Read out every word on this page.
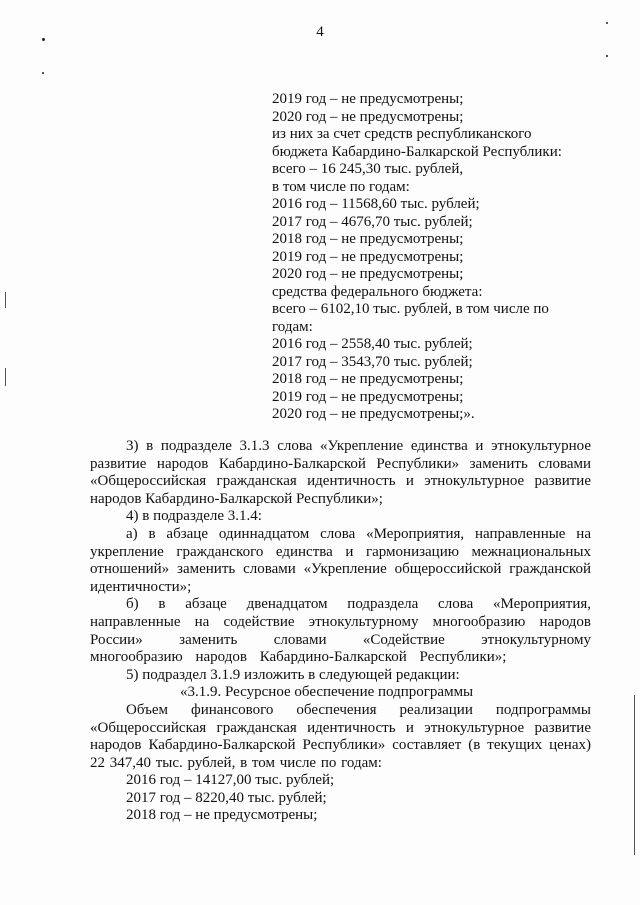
4
2019 год – не предусмотрены;
2020 год – не предусмотрены;
из них за счет средств республиканского
бюджета Кабардино-Балкарской Республики:
всего – 16 245,30 тыс. рублей,
в том числе по годам:
2016 год – 11568,60 тыс. рублей;
2017 год – 4676,70 тыс. рублей;
2018 год – не предусмотрены;
2019 год – не предусмотрены;
2020 год – не предусмотрены;
средства федерального бюджета:
всего – 6102,10 тыс. рублей, в том числе по
годам:
2016 год – 2558,40 тыс. рублей;
2017 год – 3543,70 тыс. рублей;
2018 год – не предусмотрены;
2019 год – не предусмотрены;
2020 год – не предусмотрены;».

3) в подразделе 3.1.3 слова «Укрепление единства и этнокультурное развитие народов Кабардино-Балкарской Республики» заменить словами «Общероссийская гражданская идентичность и этнокультурное развитие народов Кабардино-Балкарской Республики»;

4) в подразделе 3.1.4:

а) в абзаце одиннадцатом слова «Мероприятия, направленные на укрепление гражданского единства и гармонизацию межнациональных отношений» заменить словами «Укрепление общероссийской гражданской идентичности»;

б) в абзаце двенадцатом подраздела слова «Мероприятия, направленные на содействие этнокультурному многообразию народов России» заменить словами «Содействие этнокультурному многообразию народов Кабардино-Балкарской Республики»;

5) подраздел 3.1.9 изложить в следующей редакции:

«3.1.9. Ресурсное обеспечение подпрограммы

Объем финансового обеспечения реализации подпрограммы «Общероссийская гражданская идентичность и этнокультурное развитие народов Кабардино-Балкарской Республики» составляет (в текущих ценах) 22 347,40 тыс. рублей, в том числе по годам:

2016 год – 14127,00 тыс. рублей;

2017 год – 8220,40 тыс. рублей;

2018 год – не предусмотрены;
